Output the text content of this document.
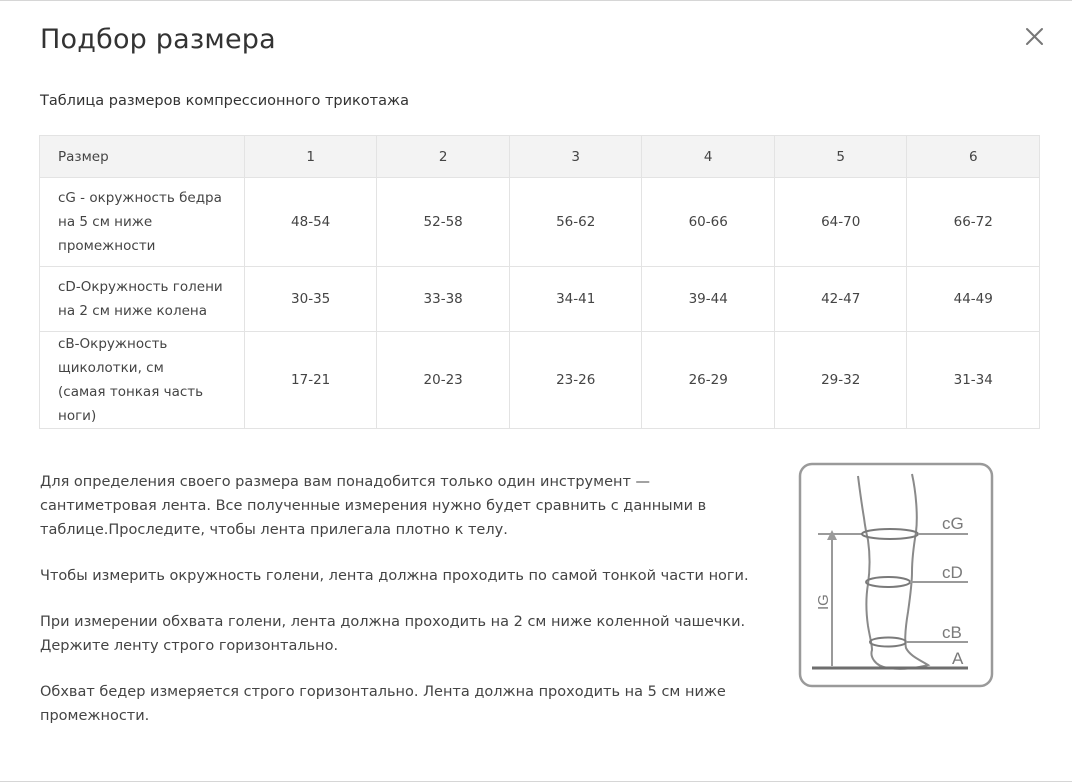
Подбор размера
Таблица размеров компрессионного трикотажа
Размер	1	2	3	4	5	6
cG - окружность бедра
на 5 см ниже
промежности	48-54	52-58	56-62	60-66	64-70	66-72
cD-Окружность голени
на 2 см ниже колена	30-35	33-38	34-41	39-44	42-47	44-49
cB-Окружность
щиколотки, см
(самая тонкая часть ноги)	17-21	20-23	23-26	26-29	29-32	31-34

Для определения своего размера вам понадобится только один инструмент — сантиметровая лента. Все полученные измерения нужно будет сравнить с данными в таблице.Проследите, чтобы лента прилегала плотно к телу.

Чтобы измерить окружность голени, лента должна проходить по самой тонкой части ноги.

При измерении обхвата голени, лента должна проходить на 2 см ниже коленной чашечки. Держите ленту строго горизонтально.

Обхват бедер измеряется строго горизонтально. Лента должна проходить на 5 см ниже промежности.

cG
cD
cB
A
IG
